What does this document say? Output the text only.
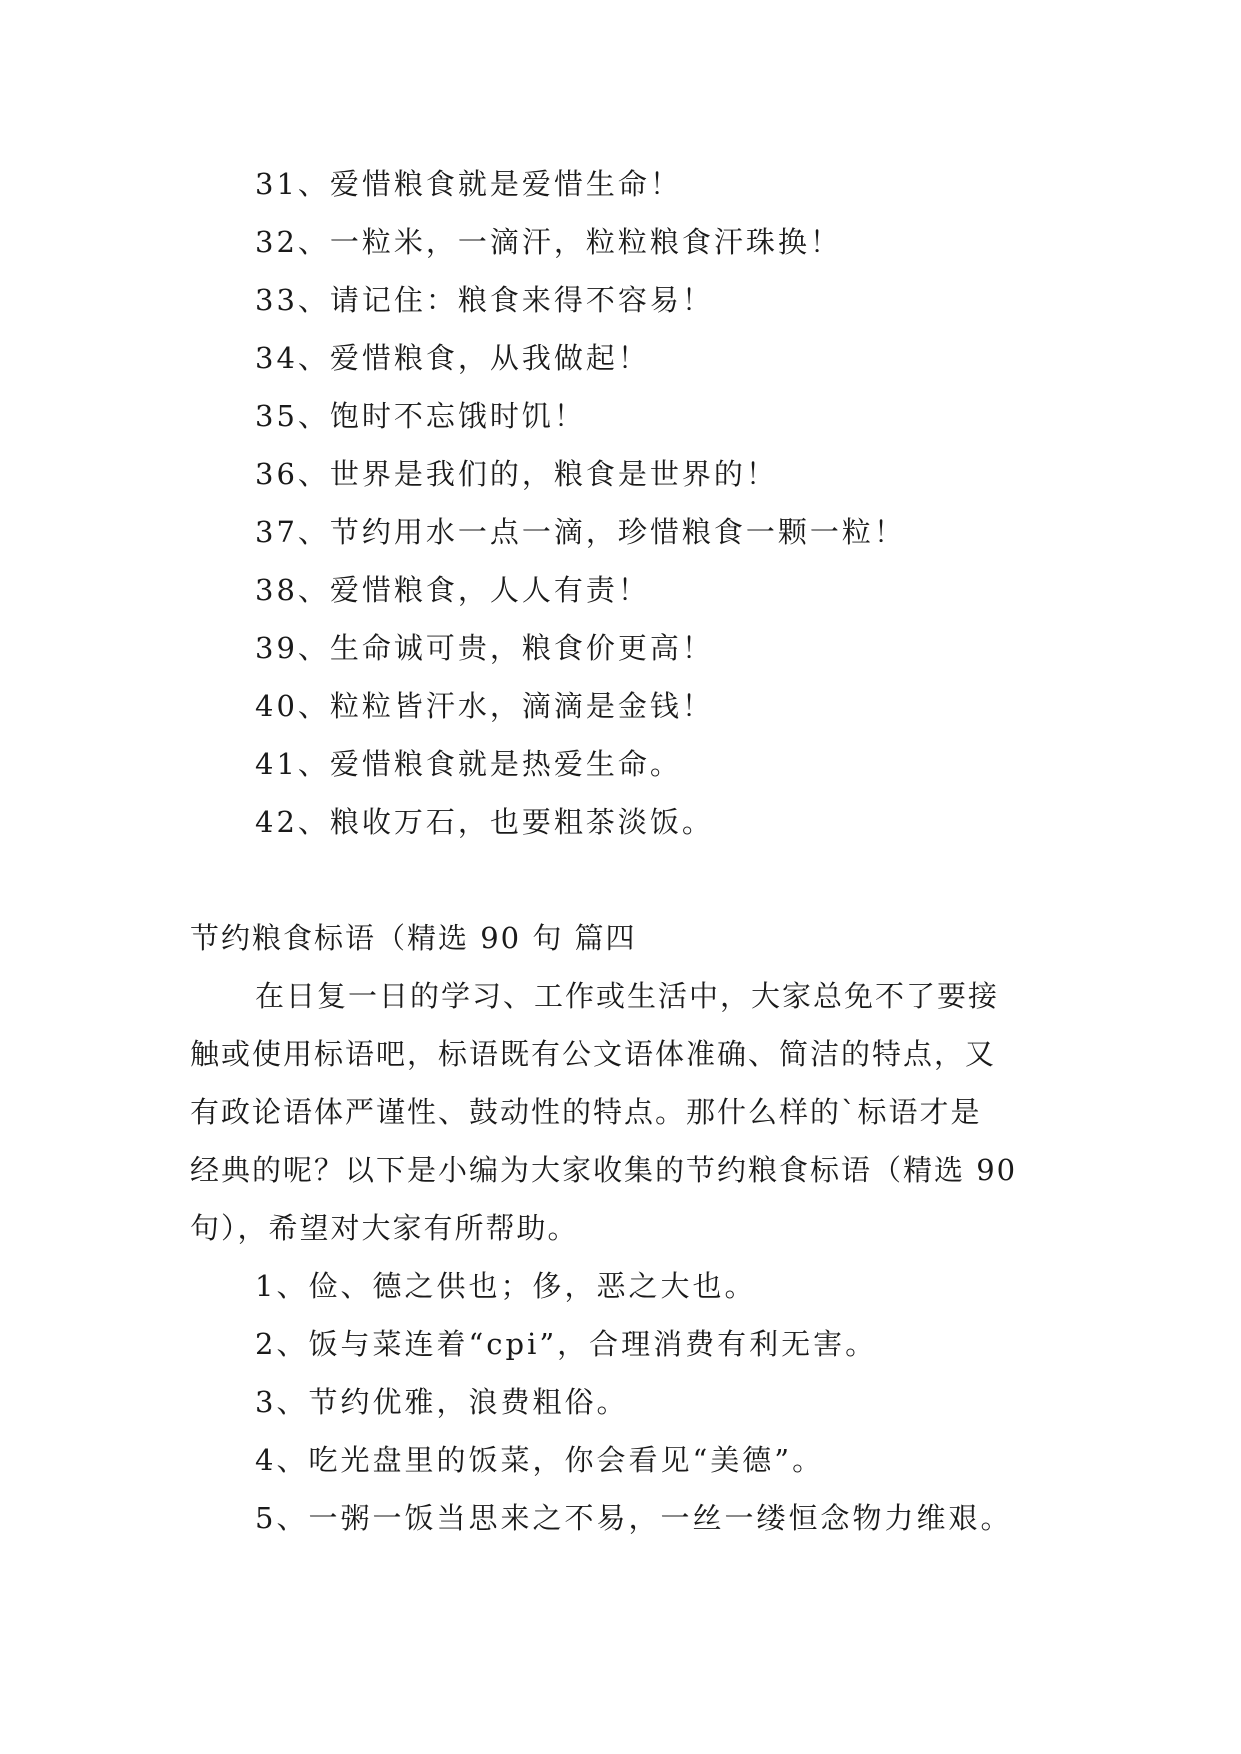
31、爱惜粮食就是爱惜生命！
32、一粒米，一滴汗，粒粒粮食汗珠换！
33、请记住：粮食来得不容易！
34、爱惜粮食，从我做起！
35、饱时不忘饿时饥！
36、世界是我们的，粮食是世界的！
37、节约用水一点一滴，珍惜粮食一颗一粒！
38、爱惜粮食，人人有责！
39、生命诚可贵，粮食价更高！
40、粒粒皆汗水，滴滴是金钱！
41、爱惜粮食就是热爱生命。
42、粮收万石，也要粗茶淡饭。
节约粮食标语（精选 90 句 篇四
在日复一日的学习、工作或生活中，大家总免不了要接
触或使用标语吧，标语既有公文语体准确、简洁的特点，又
有政论语体严谨性、鼓动性的特点。那什么样的`标语才是
经典的呢？以下是小编为大家收集的节约粮食标语（精选 90
句），希望对大家有所帮助。
1、俭、德之供也；侈，恶之大也。
2、饭与菜连着“cpi”，合理消费有利无害。
3、节约优雅，浪费粗俗。
4、吃光盘里的饭菜，你会看见“美德”。
5、一粥一饭当思来之不易，一丝一缕恒念物力维艰。
